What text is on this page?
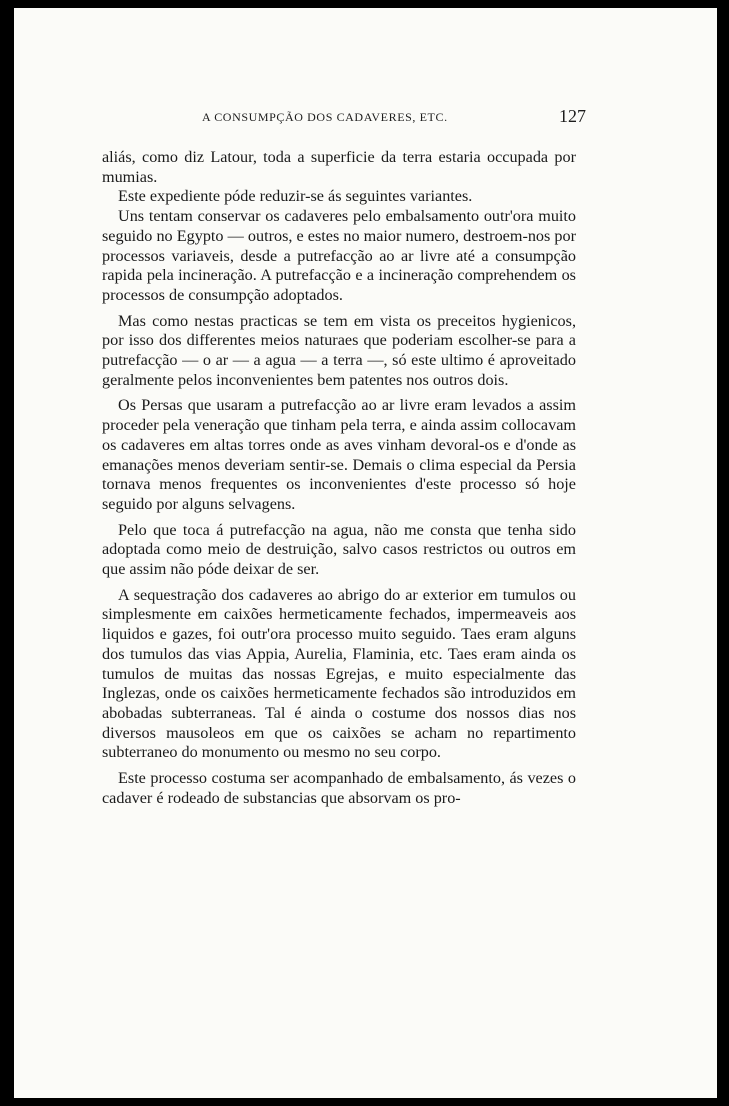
A CONSUMPÇÃO DOS CADAVERES, ETC.	127

aliás, como diz Latour, toda a superficie da terra estaria occupada por mumias.

Este expediente póde reduzir-se ás seguintes variantes.

Uns tentam conservar os cadaveres pelo embalsamento outr'ora muito seguido no Egypto — outros, e estes no maior numero, destroem-nos por processos variaveis, desde a putrefacção ao ar livre até a consumpção rapida pela incineração. A putrefacção e a incineração comprehendem os processos de consumpção adoptados.

Mas como nestas practicas se tem em vista os preceitos hygienicos, por isso dos differentes meios naturaes que poderiam escolher-se para a putrefacção — o ar — a agua — a terra —, só este ultimo é aproveitado geralmente pelos inconvenientes bem patentes nos outros dois.

Os Persas que usaram a putrefacção ao ar livre eram levados a assim proceder pela veneração que tinham pela terra, e ainda assim collocavam os cadaveres em altas torres onde as aves vinham devoral-os e d'onde as emanações menos deveriam sentir-se. Demais o clima especial da Persia tornava menos frequentes os inconvenientes d'este processo só hoje seguido por alguns selvagens.

Pelo que toca á putrefacção na agua, não me consta que tenha sido adoptada como meio de destruição, salvo casos restrictos ou outros em que assim não póde deixar de ser.

A sequestração dos cadaveres ao abrigo do ar exterior em tumulos ou simplesmente em caixões hermeticamente fechados, impermeaveis aos liquidos e gazes, foi outr'ora processo muito seguido. Taes eram alguns dos tumulos das vias Appia, Aurelia, Flaminia, etc. Taes eram ainda os tumulos de muitas das nossas Egrejas, e muito especialmente das Inglezas, onde os caixões hermeticamente fechados são introduzidos em abobadas subterraneas. Tal é ainda o costume dos nossos dias nos diversos mausoleos em que os caixões se acham no repartimento subterraneo do monumento ou mesmo no seu corpo.

Este processo costuma ser acompanhado de embalsamento, ás vezes o cadaver é rodeado de substancias que absorvam os pro-
